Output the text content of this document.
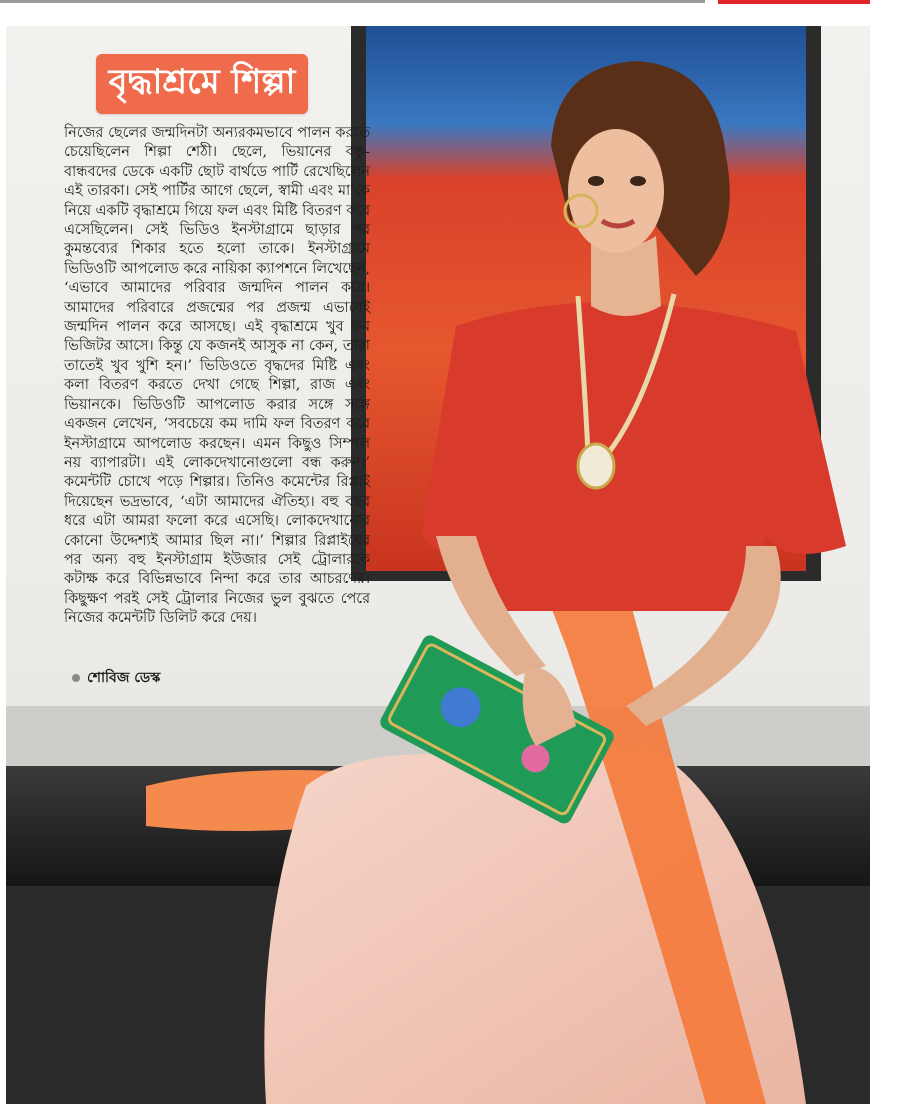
বৃদ্ধাশ্রমে শিল্পা
নিজের ছেলের জন্মদিনটা অন্যরকমভাবে পালন করতে চেয়েছিলেন শিল্পা শেঠী। ছেলে, ভিয়ানের বন্ধু-বান্ধবদের ডেকে একটি ছোট বার্থডে পার্টি রেখেছিলেন এই তারকা। সেই পার্টির আগে ছেলে, স্বামী এবং মা'কে নিয়ে একটি বৃদ্ধাশ্রমে গিয়ে ফল এবং মিষ্টি বিতরণ করে এসেছিলেন। সেই ভিডিও ইনস্টাগ্রামে ছাড়ার পর কুমন্তব্যের শিকার হতে হলো তাকে। ইনস্টাগ্রামে ভিডিওটি আপলোড করে নায়িকা ক্যাপশনে লিখেছেন, ‘এভাবে আমাদের পরিবার জন্মদিন পালন করে। আমাদের পরিবারে প্রজন্মের পর প্রজন্ম এভাবেই জন্মদিন পালন করে আসছে। এই বৃদ্ধাশ্রমে খুব কম ভিজিটর আসে। কিন্তু যে কজনই আসুক না কেন, তারা তাতেই খুব খুশি হন।’ ভিডিওতে বৃদ্ধদের মিষ্টি এবং কলা বিতরণ করতে দেখা গেছে শিল্পা, রাজ এবং ভিয়ানকে। ভিডিওটি আপলোড করার সঙ্গে সঙ্গে একজন লেখেন, ‘সবচেয়ে কম দামি ফল বিতরণ করে ইনস্টাগ্রামে আপলোড করছেন। এমন কিছুও সিম্পল নয় ব্যাপারটা। এই লোকদেখানোগুলো বন্ধ করুন।’ কমেন্টটি চোখে পড়ে শিল্পার। তিনিও কমেন্টের রিপ্লাই দিয়েছেন ভদ্রভাবে, ‘এটা আমাদের ঐতিহ্য। বহু বছর ধরে এটা আমরা ফলো করে এসেছি। লোকদেখানোর কোনো উদ্দেশ্যই আমার ছিল না।’ শিল্পার রিপ্লাইয়ের পর অন্য বহু ইনস্টাগ্রাম ইউজার সেই ট্রোলারকে কটাক্ষ করে বিভিন্নভাবে নিন্দা করে তার আচরণের। কিছুক্ষণ পরই সেই ট্রোলার নিজের ভুল বুঝতে পেরে নিজের কমেন্টটি ডিলিট করে দেয়।
শোবিজ ডেস্ক
